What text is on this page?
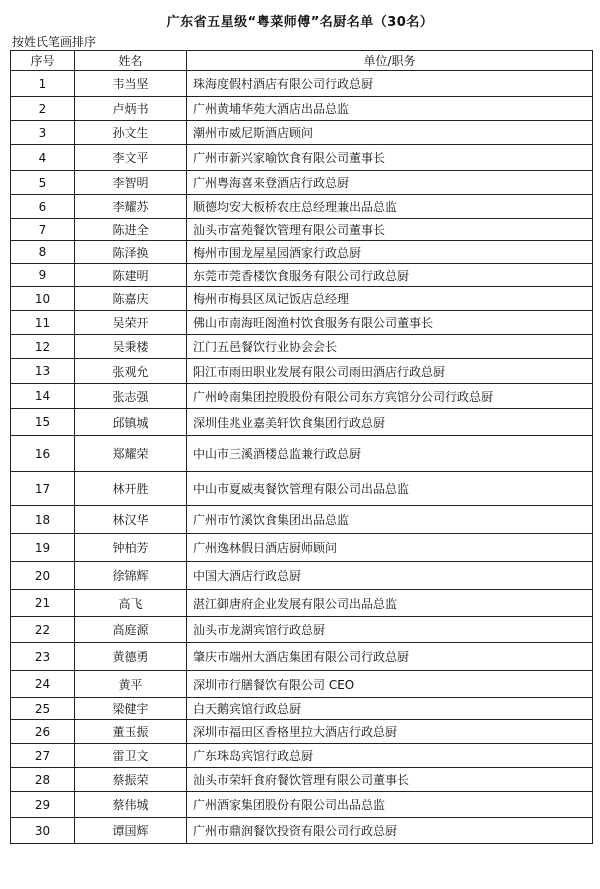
广东省五星级“粤菜师傅”名厨名单（30名）
按姓氏笔画排序
序号	姓名	单位/职务
1	韦当坚	珠海度假村酒店有限公司行政总厨
2	卢炳书	广州黄埔华苑大酒店出品总监
3	孙文生	潮州市威尼斯酒店顾问
4	李文平	广州市新兴家喻饮食有限公司董事长
5	李智明	广州粤海喜来登酒店行政总厨
6	李耀苏	顺德均安大板桥农庄总经理兼出品总监
7	陈进全	汕头市富苑餐饮管理有限公司董事长
8	陈泽换	梅州市围龙屋星园酒家行政总厨
9	陈建明	东莞市莞香楼饮食服务有限公司行政总厨
10	陈嘉庆	梅州市梅县区凤记饭店总经理
11	吴荣开	佛山市南海旺阁渔村饮食服务有限公司董事长
12	吴秉楼	江门五邑餐饮行业协会会长
13	张观允	阳江市雨田职业发展有限公司雨田酒店行政总厨
14	张志强	广州岭南集团控股股份有限公司东方宾馆分公司行政总厨
15	邱镇城	深圳佳兆业嘉美轩饮食集团行政总厨
16	郑耀荣	中山市三溪酒楼总监兼行政总厨
17	林开胜	中山市夏威夷餐饮管理有限公司出品总监
18	林汉华	广州市竹溪饮食集团出品总监
19	钟柏芳	广州逸林假日酒店厨师顾问
20	徐锦辉	中国大酒店行政总厨
21	高飞	湛江御唐府企业发展有限公司出品总监
22	高庭源	汕头市龙湖宾馆行政总厨
23	黄德勇	肇庆市端州大酒店集团有限公司行政总厨
24	黄平	深圳市行膳餐饮有限公司 CEO
25	梁健宇	白天鹅宾馆行政总厨
26	董玉振	深圳市福田区香格里拉大酒店行政总厨
27	雷卫文	广东珠岛宾馆行政总厨
28	蔡振荣	汕头市荣轩食府餐饮管理有限公司董事长
29	蔡伟城	广州酒家集团股份有限公司出品总监
30	谭国辉	广州市鼎润餐饮投资有限公司行政总厨
